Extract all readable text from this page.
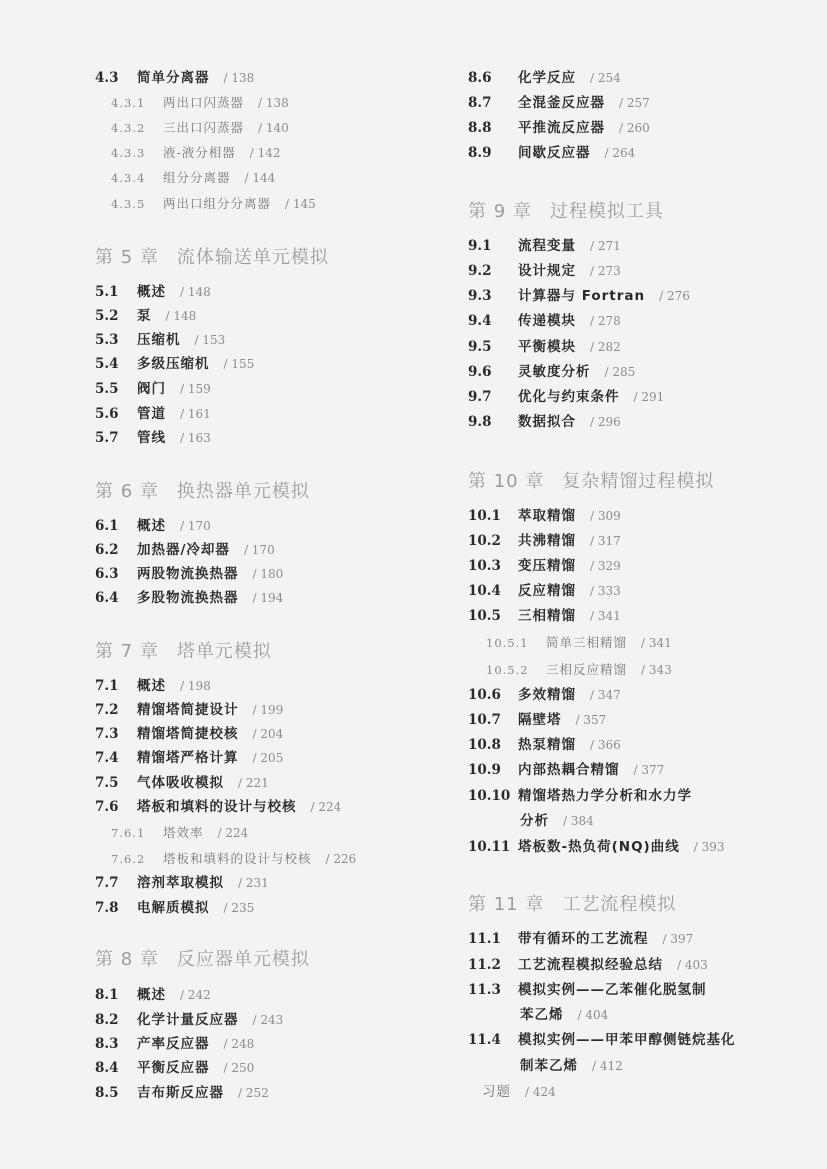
4.3 简单分离器 / 138
4.3.1 两出口闪蒸器 / 138
4.3.2 三出口闪蒸器 / 140
4.3.3 液-液分相器 / 142
4.3.4 组分分离器 / 144
4.3.5 两出口组分分离器 / 145
第 5 章 流体输送单元模拟
5.1 概述 / 148
5.2 泵 / 148
5.3 压缩机 / 153
5.4 多级压缩机 / 155
5.5 阀门 / 159
5.6 管道 / 161
5.7 管线 / 163
第 6 章 换热器单元模拟
6.1 概述 / 170
6.2 加热器/冷却器 / 170
6.3 两股物流换热器 / 180
6.4 多股物流换热器 / 194
第 7 章 塔单元模拟
7.1 概述 / 198
7.2 精馏塔简捷设计 / 199
7.3 精馏塔简捷校核 / 204
7.4 精馏塔严格计算 / 205
7.5 气体吸收模拟 / 221
7.6 塔板和填料的设计与校核 / 224
7.6.1 塔效率 / 224
7.6.2 塔板和填料的设计与校核 / 226
7.7 溶剂萃取模拟 / 231
7.8 电解质模拟 / 235
第 8 章 反应器单元模拟
8.1 概述 / 242
8.2 化学计量反应器 / 243
8.3 产率反应器 / 248
8.4 平衡反应器 / 250
8.5 吉布斯反应器 / 252
8.6 化学反应 / 254
8.7 全混釜反应器 / 257
8.8 平推流反应器 / 260
8.9 间歇反应器 / 264
第 9 章 过程模拟工具
9.1 流程变量 / 271
9.2 设计规定 / 273
9.3 计算器与 Fortran / 276
9.4 传递模块 / 278
9.5 平衡模块 / 282
9.6 灵敏度分析 / 285
9.7 优化与约束条件 / 291
9.8 数据拟合 / 296
第 10 章 复杂精馏过程模拟
10.1 萃取精馏 / 309
10.2 共沸精馏 / 317
10.3 变压精馏 / 329
10.4 反应精馏 / 333
10.5 三相精馏 / 341
10.5.1 简单三相精馏 / 341
10.5.2 三相反应精馏 / 343
10.6 多效精馏 / 347
10.7 隔壁塔 / 357
10.8 热泵精馏 / 366
10.9 内部热耦合精馏 / 377
10.10 精馏塔热力学分析和水力学
分析 / 384
10.11 塔板数-热负荷(NQ)曲线 / 393
第 11 章 工艺流程模拟
11.1 带有循环的工艺流程 / 397
11.2 工艺流程模拟经验总结 / 403
11.3 模拟实例——乙苯催化脱氢制
苯乙烯 / 404
11.4 模拟实例——甲苯甲醇侧链烷基化
制苯乙烯 / 412
习题 / 424
